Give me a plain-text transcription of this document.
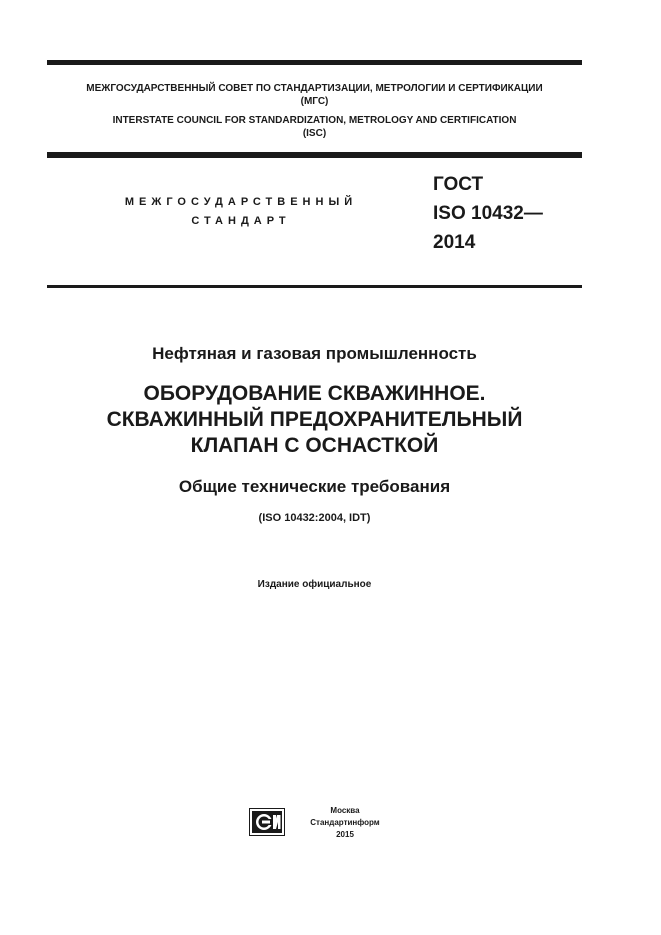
МЕЖГОСУДАРСТВЕННЫЙ СОВЕТ ПО СТАНДАРТИЗАЦИИ, МЕТРОЛОГИИ И СЕРТИФИКАЦИИ
(МГС)
INTERSTATE COUNCIL FOR STANDARDIZATION, METROLOGY AND CERTIFICATION
(ISC)
МЕЖГОСУДАРСТВЕННЫЙ
СТАНДАРТ
ГОСТ
ISO 10432—
2014
Нефтяная и газовая промышленность
ОБОРУДОВАНИЕ СКВАЖИННОЕ.
СКВАЖИННЫЙ ПРЕДОХРАНИТЕЛЬНЫЙ
КЛАПАН С ОСНАСТКОЙ
Общие технические требования
(ISO 10432:2004, IDT)
Издание официальное
Москва
Стандартинформ
2015
